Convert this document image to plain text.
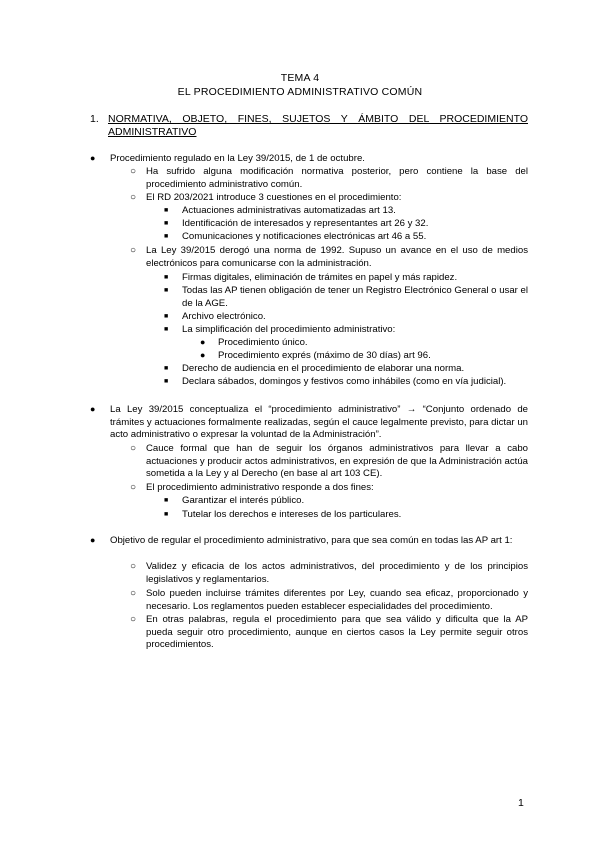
TEMA 4
EL PROCEDIMIENTO ADMINISTRATIVO COMÚN
1. NORMATIVA, OBJETO, FINES, SUJETOS Y ÁMBITO DEL PROCEDIMIENTO
ADMINISTRATIVO
● Procedimiento regulado en la Ley 39/2015, de 1 de octubre.
○ Ha sufrido alguna modificación normativa posterior, pero contiene la base del procedimiento administrativo común.
○ El RD 203/2021 introduce 3 cuestiones en el procedimiento:
■ Actuaciones administrativas automatizadas art 13.
■ Identificación de interesados y representantes art 26 y 32.
■ Comunicaciones y notificaciones electrónicas art 46 a 55.
○ La Ley 39/2015 derogó una norma de 1992. Supuso un avance en el uso de medios electrónicos para comunicarse con la administración.
■ Firmas digitales, eliminación de trámites en papel y más rapidez.
■ Todas las AP tienen obligación de tener un Registro Electrónico General o usar el de la AGE.
■ Archivo electrónico.
■ La simplificación del procedimiento administrativo:
● Procedimiento único.
● Procedimiento exprés (máximo de 30 días) art 96.
■ Derecho de audiencia en el procedimiento de elaborar una norma.
■ Declara sábados, domingos y festivos como inhábiles (como en vía judicial).
● La Ley 39/2015 conceptualiza el “procedimiento administrativo” → “Conjunto ordenado de trámites y actuaciones formalmente realizadas, según el cauce legalmente previsto, para dictar un acto administrativo o expresar la voluntad de la Administración”.
○ Cauce formal que han de seguir los órganos administrativos para llevar a cabo actuaciones y producir actos administrativos, en expresión de que la Administración actúa sometida a la Ley y al Derecho (en base al art 103 CE).
○ El procedimiento administrativo responde a dos fines:
■ Garantizar el interés público.
■ Tutelar los derechos e intereses de los particulares.
● Objetivo de regular el procedimiento administrativo, para que sea común en todas las AP art 1:
○ Validez y eficacia de los actos administrativos, del procedimiento y de los principios legislativos y reglamentarios.
○ Solo pueden incluirse trámites diferentes por Ley, cuando sea eficaz, proporcionado y necesario. Los reglamentos pueden establecer especialidades del procedimiento.
○ En otras palabras, regula el procedimiento para que sea válido y dificulta que la AP pueda seguir otro procedimiento, aunque en ciertos casos la Ley permite seguir otros procedimientos.
1
